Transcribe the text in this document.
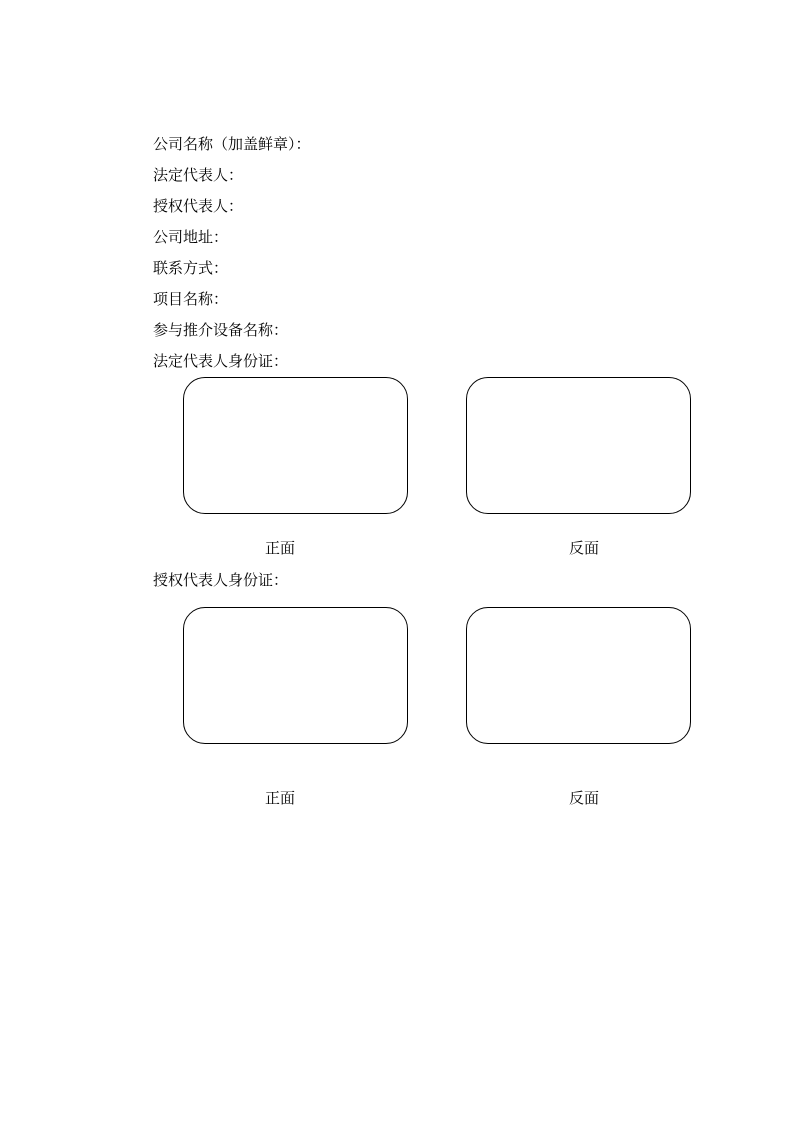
公司名称（加盖鲜章）：
法定代表人：
授权代表人：
公司地址：
联系方式：
项目名称：
参与推介设备名称：
法定代表人身份证：
正面	反面
授权代表人身份证：
正面	反面
